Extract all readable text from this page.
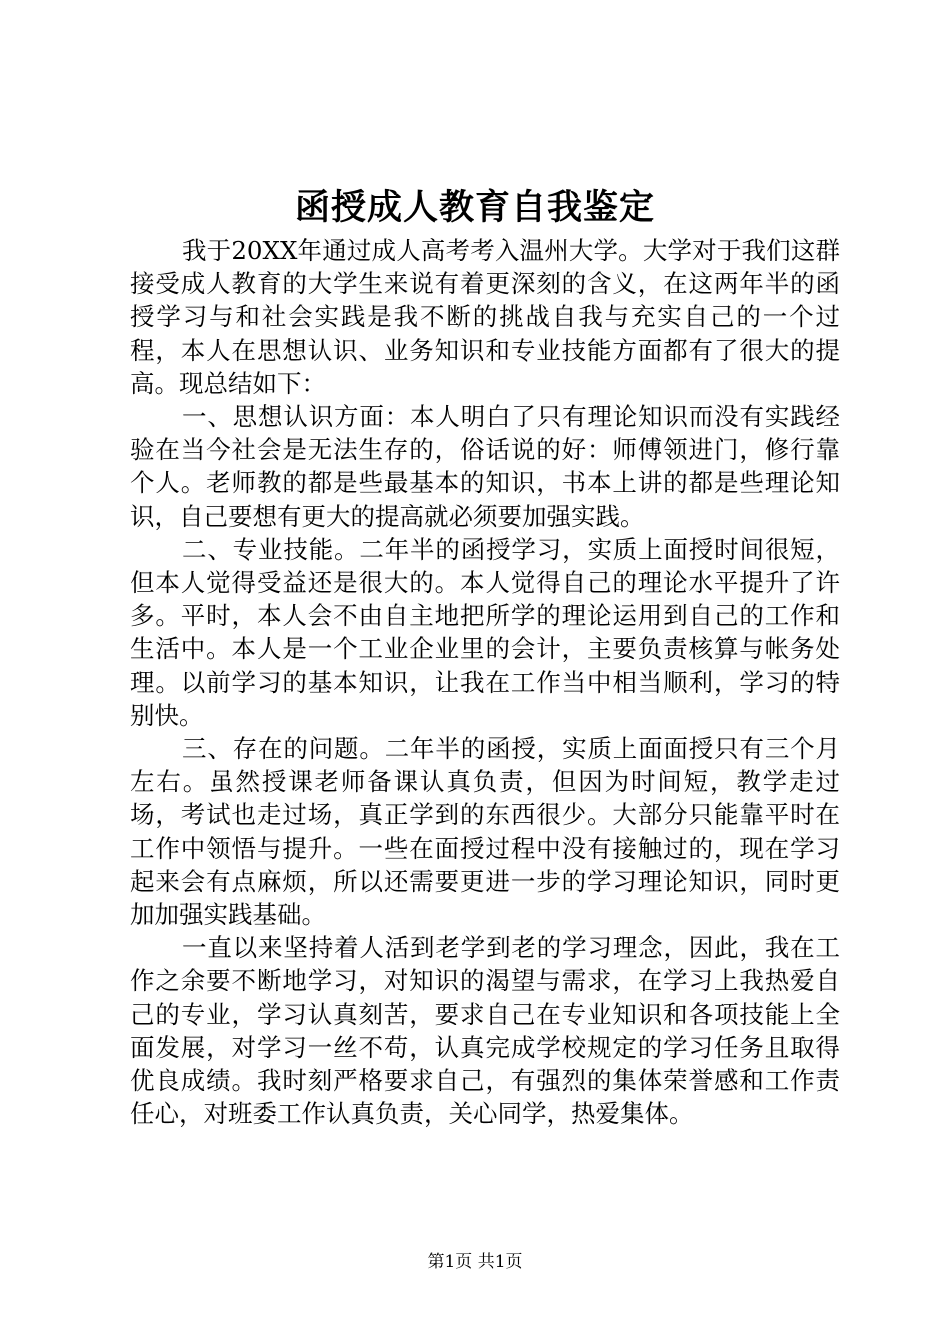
函授成人教育自我鉴定

我于20XX年通过成人高考考入温州大学。大学对于我们这群接受成人教育的大学生来说有着更深刻的含义，在这两年半的函授学习与和社会实践是我不断的挑战自我与充实自己的一个过程，本人在思想认识、业务知识和专业技能方面都有了很大的提高。现总结如下：

一、思想认识方面：本人明白了只有理论知识而没有实践经验在当今社会是无法生存的，俗话说的好：师傅领进门，修行靠个人。老师教的都是些最基本的知识，书本上讲的都是些理论知识，自己要想有更大的提高就必须要加强实践。

二、专业技能。二年半的函授学习，实质上面授时间很短，但本人觉得受益还是很大的。本人觉得自己的理论水平提升了许多。平时，本人会不由自主地把所学的理论运用到自己的工作和生活中。本人是一个工业企业里的会计，主要负责核算与帐务处理。以前学习的基本知识，让我在工作当中相当顺利，学习的特别快。

三、存在的问题。二年半的函授，实质上面面授只有三个月左右。虽然授课老师备课认真负责，但因为时间短，教学走过场，考试也走过场，真正学到的东西很少。大部分只能靠平时在工作中领悟与提升。一些在面授过程中没有接触过的，现在学习起来会有点麻烦，所以还需要更进一步的学习理论知识，同时更加加强实践基础。

一直以来坚持着人活到老学到老的学习理念，因此，我在工作之余要不断地学习，对知识的渴望与需求，在学习上我热爱自己的专业，学习认真刻苦，要求自己在专业知识和各项技能上全面发展，对学习一丝不苟，认真完成学校规定的学习任务且取得优良成绩。我时刻严格要求自己，有强烈的集体荣誉感和工作责任心，对班委工作认真负责，关心同学，热爱集体。

第1页 共1页
